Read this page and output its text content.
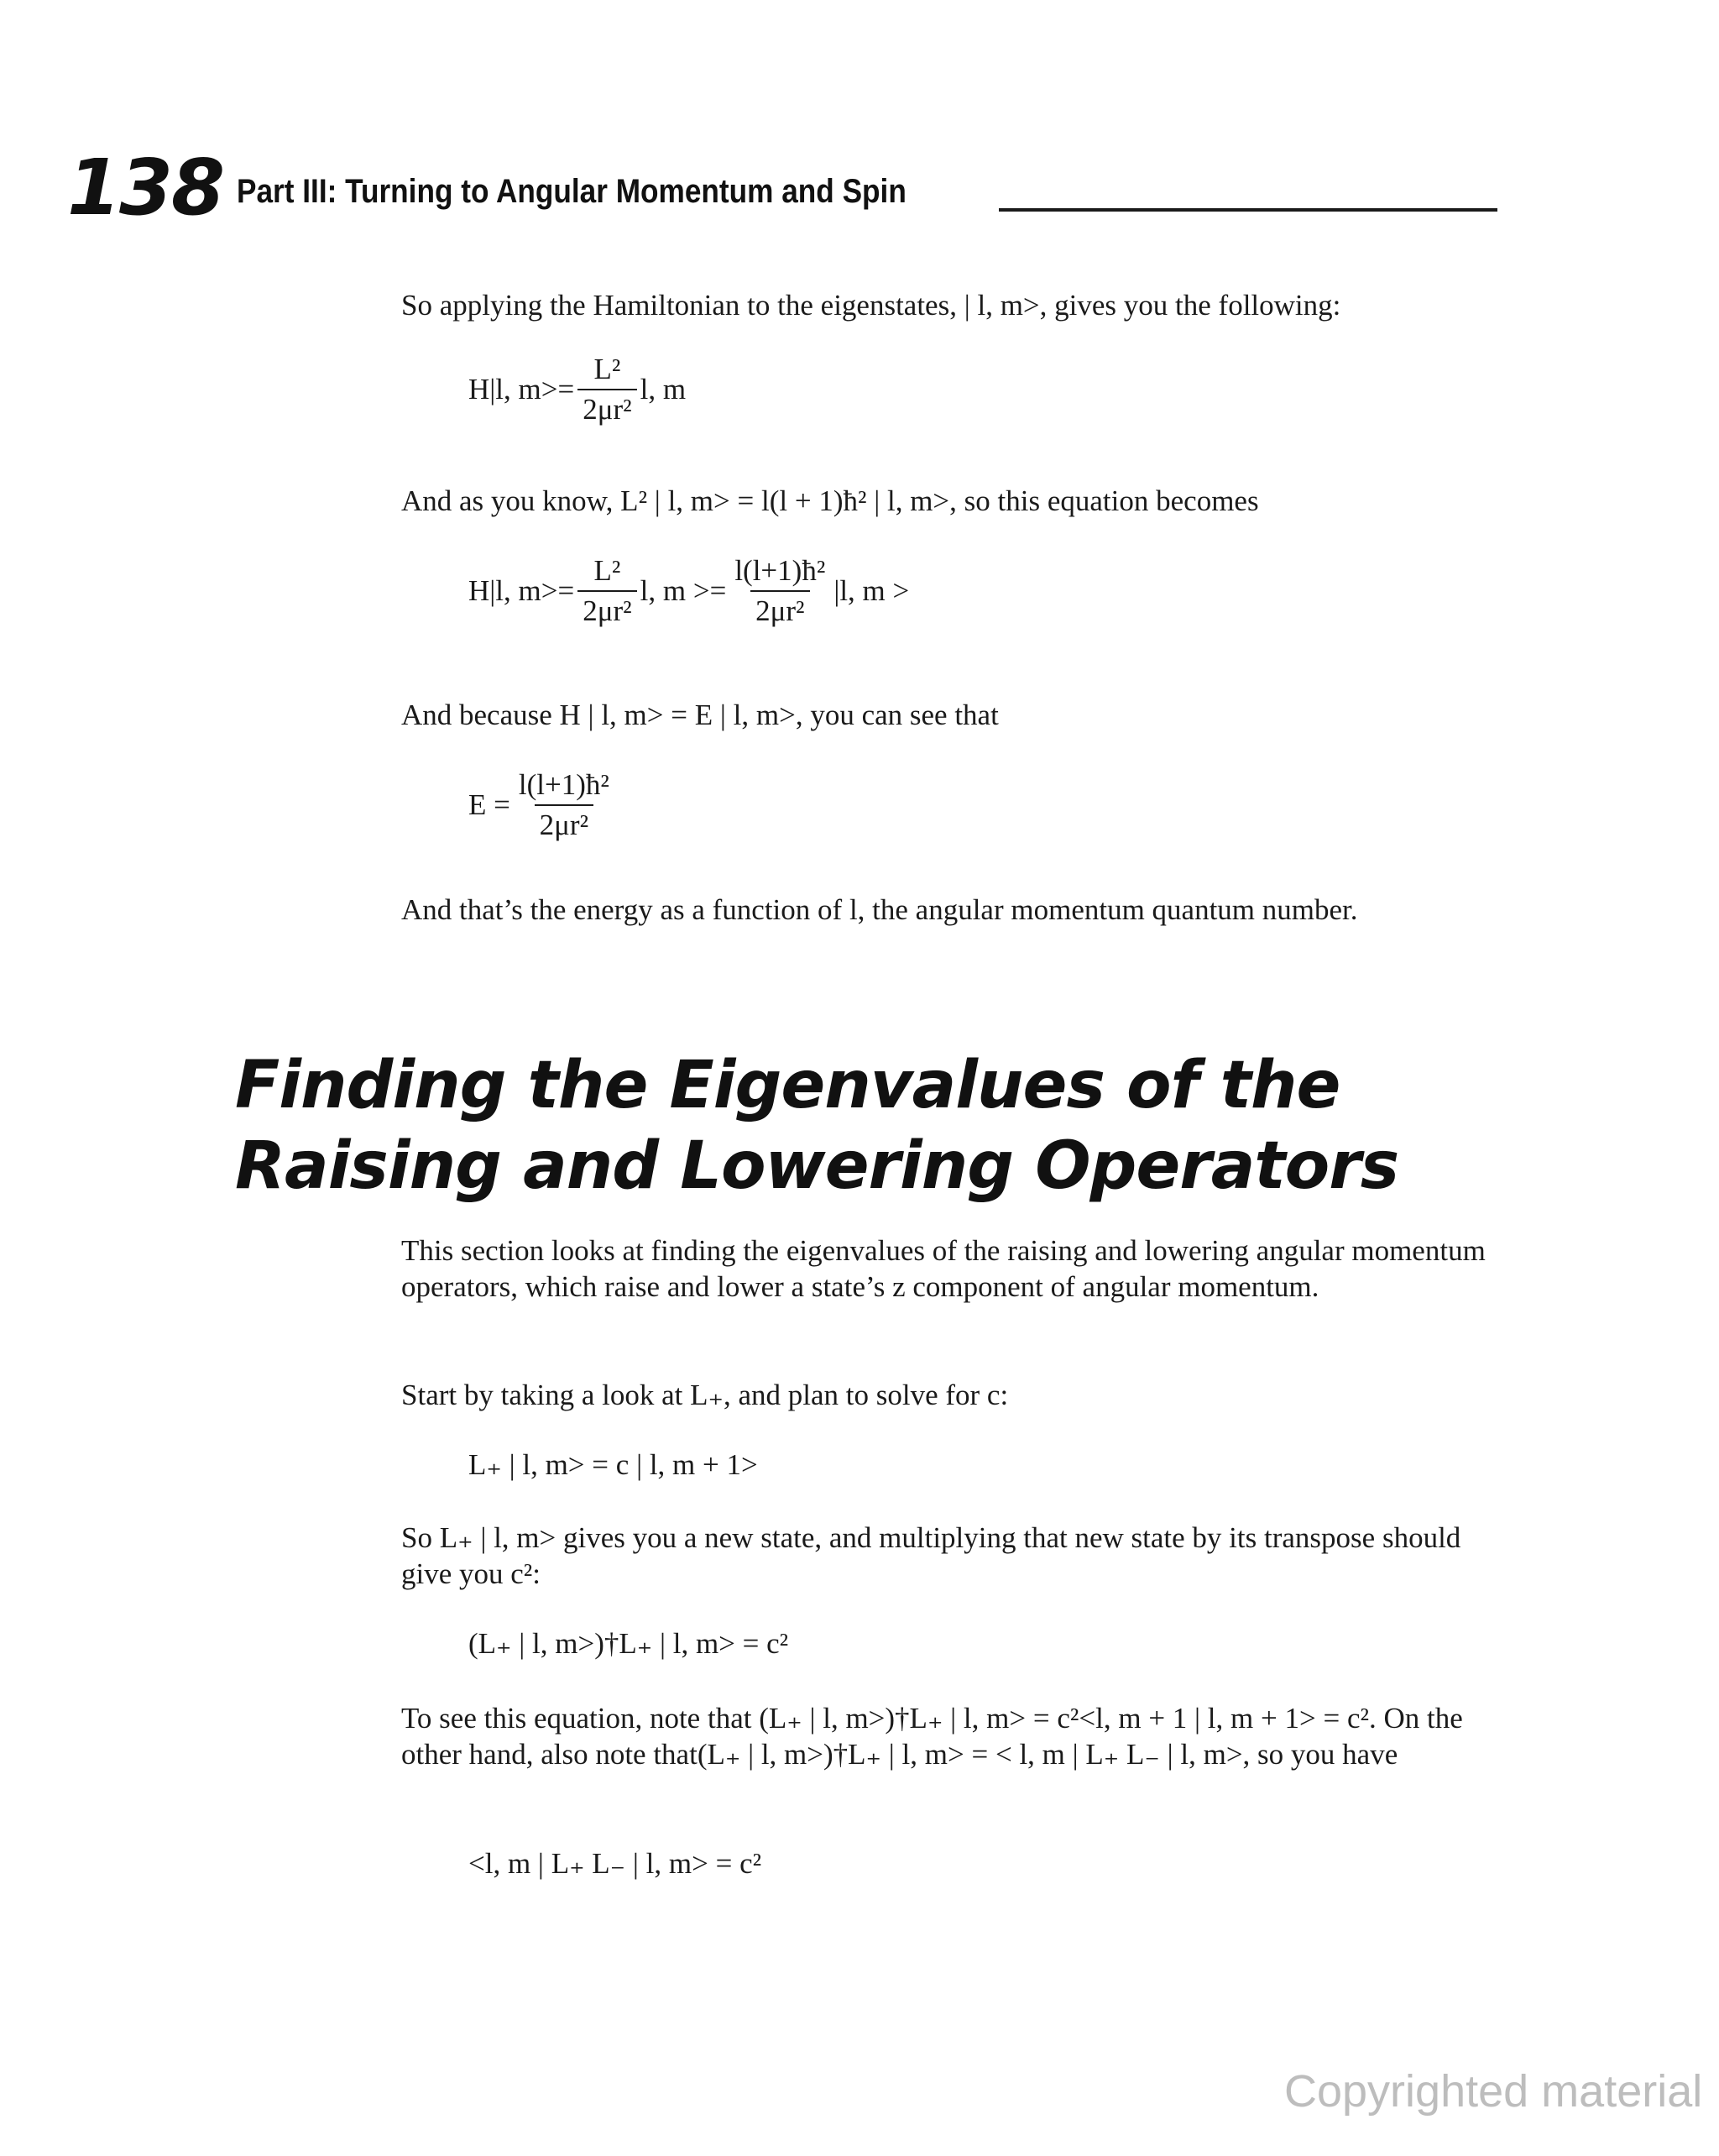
138 Part III: Turning to Angular Momentum and Spin
So applying the Hamiltonian to the eigenstates, | l, m>, gives you the following:
H|l, $m>= \frac{\text{L²}}{\text{2μr²}} l$, m
And as you know, L² | l, m> = l(l + 1)ħ² | l, m>, so this equation becomes
H|l, $m>= \frac{\text{L²}}{\text{2μr²}} l$, $m >= \frac{\text{l(l+1)ħ²}}{\text{2μr²}} |l$, m >
And because H | l, m> = E | l, m>, you can see that
$E = \frac{\text{l(l+1)ħ²}}{\text{2μr²}}$
And that’s the energy as a function of l, the angular momentum quantum number.
Finding the Eigenvalues of the Raising and Lowering Operators
This section looks at finding the eigenvalues of the raising and lowering angular momentum operators, which raise and lower a state’s z component of angular momentum.
Start by taking a look at L₊, and plan to solve for c:
L₊ | l, m> = c | l, m + 1>
So L₊ | l, m> gives you a new state, and multiplying that new state by its transpose should give you c²:
(L₊ | l, m>)†L₊ | l, m> = c²
To see this equation, note that (L₊ | l, m>)†L₊ | l, m> = c²<l, m + 1 | l, m + 1> = c². On the other hand, also note that(L₊ | l, m>)†L₊ | l, m> = < l, m | L₊ L₋ | l, m>, so you have
<l, m | L₊ L₋ | l, m> = c²
Copyrighted material
